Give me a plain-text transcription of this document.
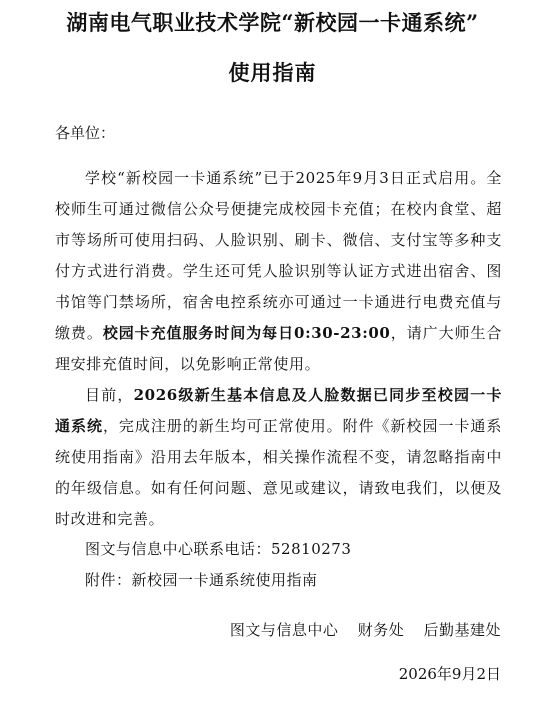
湖南电气职业技术学院“新校园一卡通系统”
使用指南
各单位：
学校“新校园一卡通系统”已于2025年9月3日正式启用。全校师生可通过微信公众号便捷完成校园卡充值；在校内食堂、超市等场所可使用扫码、人脸识别、刷卡、微信、支付宝等多种支付方式进行消费。学生还可凭人脸识别等认证方式进出宿舍、图书馆等门禁场所，宿舍电控系统亦可通过一卡通进行电费充值与缴费。校园卡充值服务时间为每日0:30-23:00，请广大师生合理安排充值时间，以免影响正常使用。
目前，2026级新生基本信息及人脸数据已同步至校园一卡通系统，完成注册的新生均可正常使用。附件《新校园一卡通系统使用指南》沿用去年版本，相关操作流程不变，请忽略指南中的年级信息。如有任何问题、意见或建议，请致电我们，以便及时改进和完善。
图文与信息中心联系电话：52810273
附件：新校园一卡通系统使用指南
图文与信息中心 财务处 后勤基建处
2026年9月2日
